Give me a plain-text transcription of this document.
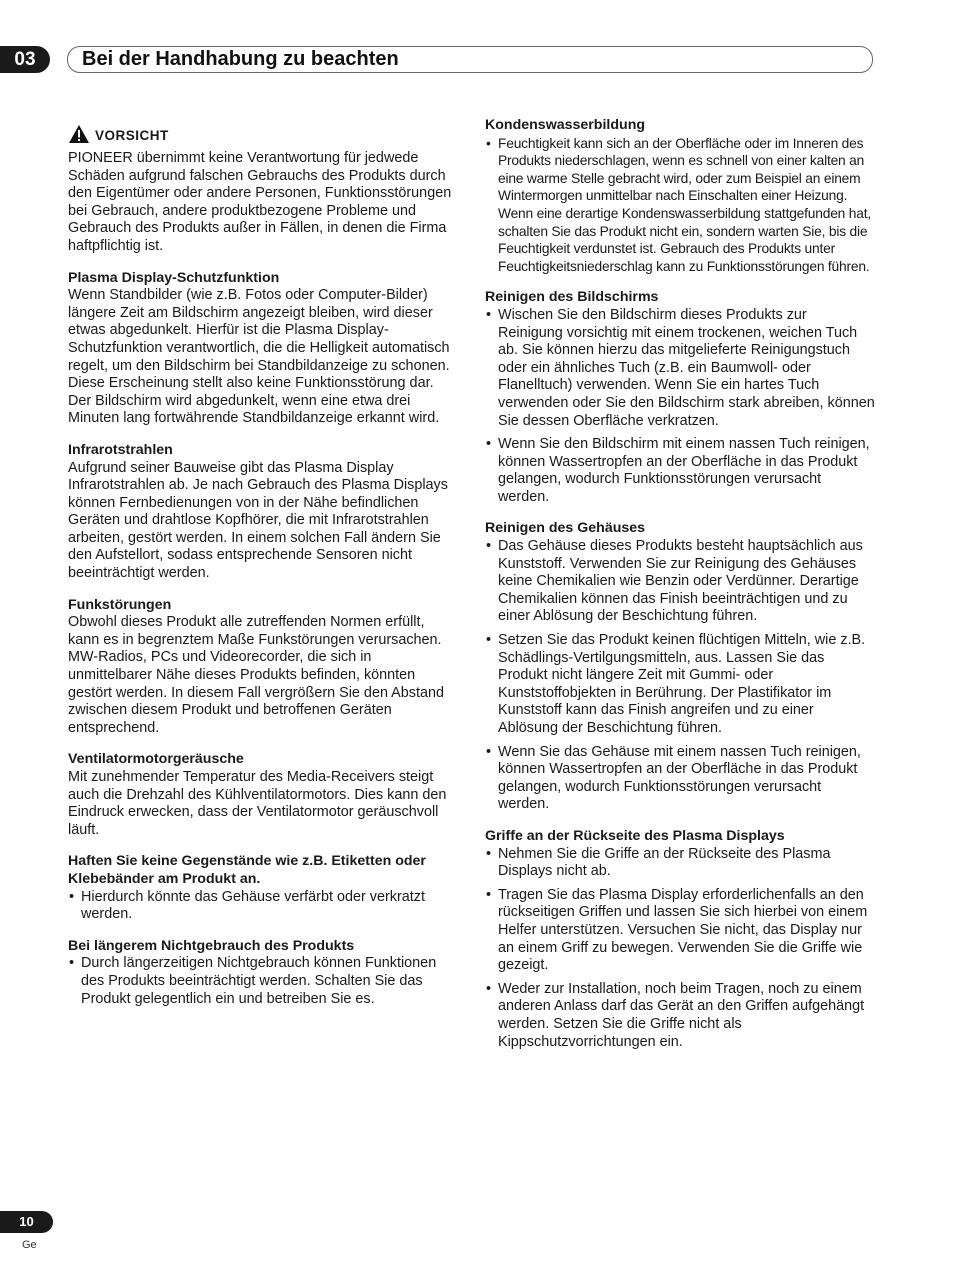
03	Bei der Handhabung zu beachten
VORSICHT

PIONEER übernimmt keine Verantwortung für jedwede Schäden aufgrund falschen Gebrauchs des Produkts durch den Eigentümer oder andere Personen, Funktionsstörungen bei Gebrauch, andere produktbezogene Probleme und Gebrauch des Produkts außer in Fällen, in denen die Firma haftpflichtig ist.

Plasma Display-Schutzfunktion

Wenn Standbilder (wie z.B. Fotos oder Computer-Bilder) längere Zeit am Bildschirm angezeigt bleiben, wird dieser etwas abgedunkelt. Hierfür ist die Plasma Display-Schutzfunktion verantwortlich, die die Helligkeit automatisch regelt, um den Bildschirm bei Standbildanzeige zu schonen. Diese Erscheinung stellt also keine Funktionsstörung dar. Der Bildschirm wird abgedunkelt, wenn eine etwa drei Minuten lang fortwährende Standbildanzeige erkannt wird.

Infrarotstrahlen

Aufgrund seiner Bauweise gibt das Plasma Display Infrarotstrahlen ab. Je nach Gebrauch des Plasma Displays können Fernbedienungen von in der Nähe befindlichen Geräten und drahtlose Kopfhörer, die mit Infrarotstrahlen arbeiten, gestört werden. In einem solchen Fall ändern Sie den Aufstellort, sodass entsprechende Sensoren nicht beeinträchtigt werden.

Funkstörungen

Obwohl dieses Produkt alle zutreffenden Normen erfüllt, kann es in begrenztem Maße Funkstörungen verursachen. MW-Radios, PCs und Videorecorder, die sich in unmittelbarer Nähe dieses Produkts befinden, könnten gestört werden. In diesem Fall vergrößern Sie den Abstand zwischen diesem Produkt und betroffenen Geräten entsprechend.

Ventilatormotorgeräusche

Mit zunehmender Temperatur des Media-Receivers steigt auch die Drehzahl des Kühlventilatormotors. Dies kann den Eindruck erwecken, dass der Ventilatormotor geräuschvoll läuft.

Haften Sie keine Gegenstände wie z.B. Etiketten oder Klebebänder am Produkt an.

• Hierdurch könnte das Gehäuse verfärbt oder verkratzt werden.

Bei längerem Nichtgebrauch des Produkts

• Durch längerzeitigen Nichtgebrauch können Funktionen des Produkts beeinträchtigt werden. Schalten Sie das Produkt gelegentlich ein und betreiben Sie es.

Kondenswasserbildung

• Feuchtigkeit kann sich an der Oberfläche oder im Inneren des Produkts niederschlagen, wenn es schnell von einer kalten an eine warme Stelle gebracht wird, oder zum Beispiel an einem Wintermorgen unmittelbar nach Einschalten einer Heizung. Wenn eine derartige Kondenswasserbildung stattgefunden hat, schalten Sie das Produkt nicht ein, sondern warten Sie, bis die Feuchtigkeit verdunstet ist. Gebrauch des Produkts unter Feuchtigkeitsniederschlag kann zu Funktionsstörungen führen.

Reinigen des Bildschirms

• Wischen Sie den Bildschirm dieses Produkts zur Reinigung vorsichtig mit einem trockenen, weichen Tuch ab. Sie können hierzu das mitgelieferte Reinigungstuch oder ein ähnliches Tuch (z.B. ein Baumwoll- oder Flanelltuch) verwenden. Wenn Sie ein hartes Tuch verwenden oder Sie den Bildschirm stark abreiben, können Sie dessen Oberfläche verkratzen.
• Wenn Sie den Bildschirm mit einem nassen Tuch reinigen, können Wassertropfen an der Oberfläche in das Produkt gelangen, wodurch Funktionsstörungen verursacht werden.

Reinigen des Gehäuses

• Das Gehäuse dieses Produkts besteht hauptsächlich aus Kunststoff. Verwenden Sie zur Reinigung des Gehäuses keine Chemikalien wie Benzin oder Verdünner. Derartige Chemikalien können das Finish beeinträchtigen und zu einer Ablösung der Beschichtung führen.
• Setzen Sie das Produkt keinen flüchtigen Mitteln, wie z.B. Schädlings-Vertilgungsmitteln, aus. Lassen Sie das Produkt nicht längere Zeit mit Gummi- oder Kunststoffobjekten in Berührung. Der Plastifikator im Kunststoff kann das Finish angreifen und zu einer Ablösung der Beschichtung führen.
• Wenn Sie das Gehäuse mit einem nassen Tuch reinigen, können Wassertropfen an der Oberfläche in das Produkt gelangen, wodurch Funktionsstörungen verursacht werden.

Griffe an der Rückseite des Plasma Displays

• Nehmen Sie die Griffe an der Rückseite des Plasma Displays nicht ab.
• Tragen Sie das Plasma Display erforderlichenfalls an den rückseitigen Griffen und lassen Sie sich hierbei von einem Helfer unterstützen. Versuchen Sie nicht, das Display nur an einem Griff zu bewegen. Verwenden Sie die Griffe wie gezeigt.
• Weder zur Installation, noch beim Tragen, noch zu einem anderen Anlass darf das Gerät an den Griffen aufgehängt werden. Setzen Sie die Griffe nicht als Kippschutzvorrichtungen ein.
10
Ge
